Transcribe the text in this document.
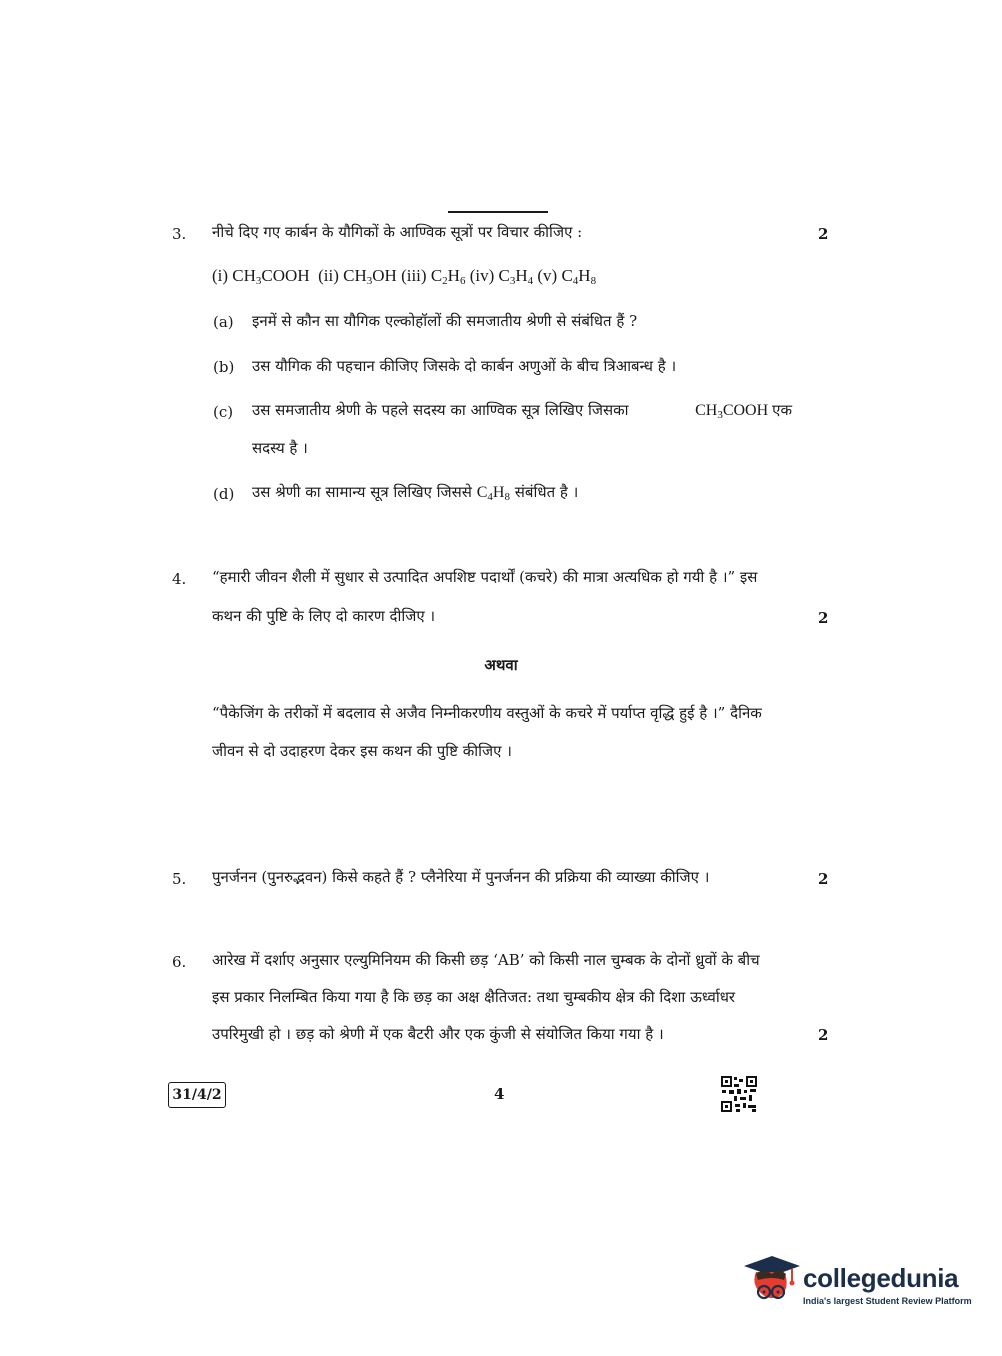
3. नीचे दिए गए कार्बन के यौगिकों के आण्विक सूत्रों पर विचार कीजिए :	2
(i) $CH_3COOH$ (ii) $CH_3OH$ (iii) $C_2H_6$ (iv) $C_3H_4$ (v) $C_4H_8$
(a) इनमें से कौन सा यौगिक एल्कोहॉलों की समजातीय श्रेणी से संबंधित हैं ?
(b) उस यौगिक की पहचान कीजिए जिसके दो कार्बन अणुओं के बीच त्रिआबन्ध है ।
(c) उस समजातीय श्रेणी के पहले सदस्य का आण्विक सूत्र लिखिए जिसका	$CH_3COOH$ एक
सदस्य है ।
(d) उस श्रेणी का सामान्य सूत्र लिखिए जिससे $C_4H_8$ संबंधित है ।
4. “हमारी जीवन शैली में सुधार से उत्पादित अपशिष्ट पदार्थों (कचरे) की मात्रा अत्यधिक हो गयी है ।” इस
कथन की पुष्टि के लिए दो कारण दीजिए ।	2
अथवा
“पैकेजिंग के तरीकों में बदलाव से अजैव निम्नीकरणीय वस्तुओं के कचरे में पर्याप्त वृद्धि हुई है ।” दैनिक
जीवन से दो उदाहरण देकर इस कथन की पुष्टि कीजिए ।
5. पुनर्जनन (पुनरुद्भवन) किसे कहते हैं ? प्लैनेरिया में पुनर्जनन की प्रक्रिया की व्याख्या कीजिए ।	2
6. आरेख में दर्शाए अनुसार एल्युमिनियम की किसी छड़ ‘AB’ को किसी नाल चुम्बक के दोनों ध्रुवों के बीच
इस प्रकार निलम्बित किया गया है कि छड़ का अक्ष क्षैतिजत: तथा चुम्बकीय क्षेत्र की दिशा ऊर्ध्वाधर
उपरिमुखी हो । छड़ को श्रेणी में एक बैटरी और एक कुंजी से संयोजित किया गया है ।	2
31/4/2	4
collegedunia
India's largest Student Review Platform
